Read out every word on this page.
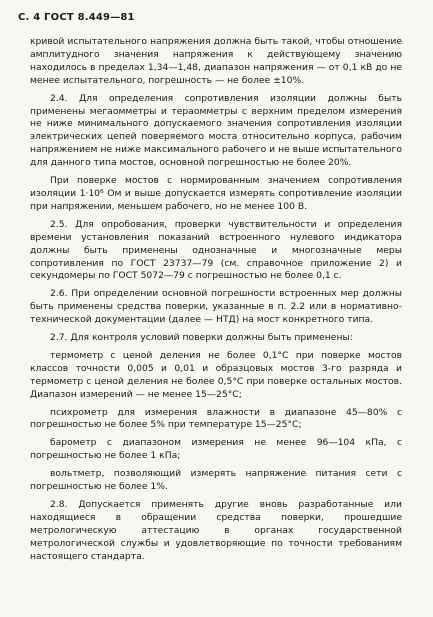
С. 4 ГОСТ 8.449—81

кривой испытательного напряжения должна быть такой, чтобы отношение амплитудного значения напряжения к действующему значению находилось в пределах 1,34—1,48, диапазон напряжения — от 0,1 кВ до не менее испытательного, погрешность — не более ±10%.

2.4. Для определения сопротивления изоляции должны быть применены мегаомметры и тераомметры с верхним пределом измерения не ниже минимального допускаемого значения сопротивления изоляции электрических цепей поверяемого моста относительно корпуса, рабочим напряжением не ниже максимального рабочего и не выше испытательного для данного типа мостов, основной погрешностью не более 20%.

При поверке мостов с нормированным значением сопротивления изоляции 1·10⁶ Ом и выше допускается измерять сопротивление изоляции при напряжении, меньшем рабочего, но не менее 100 В.

2.5. Для опробования, проверки чувствительности и определения времени установления показаний встроенного нулевого индикатора должны быть применены однозначные и многозначные меры сопротивления по ГОСТ 23737—79 (см. справочное приложение 2) и секундомеры по ГОСТ 5072—79 с погрешностью не более 0,1 с.

2.6. При определении основной погрешности встроенных мер должны быть применены средства поверки, указанные в п. 2.2 или в нормативно-технической документации (далее — НТД) на мост конкретного типа.

2.7. Для контроля условий поверки должны быть применены:

термометр с ценой деления не более 0,1°С при поверке мостов классов точности 0,005 и 0,01 и образцовых мостов 3-го разряда и термометр с ценой деления не более 0,5°С при поверке остальных мостов. Диапазон измерений — не менее 15—25°С;

психрометр для измерения влажности в диапазоне 45—80% с погрешностью не более 5% при температуре 15—25°С;

барометр с диапазоном измерения не менее 96—104 кПа, с погрешностью не более 1 кПа;

вольтметр, позволяющий измерять напряжение питания сети с погрешностью не более 1%.

2.8. Допускается применять другие вновь разработанные или находящиеся в обращении средства поверки, прошедшие метрологическую аттестацию в органах государственной метрологической службы и удовлетворяющие по точности требованиям настоящего стандарта.
